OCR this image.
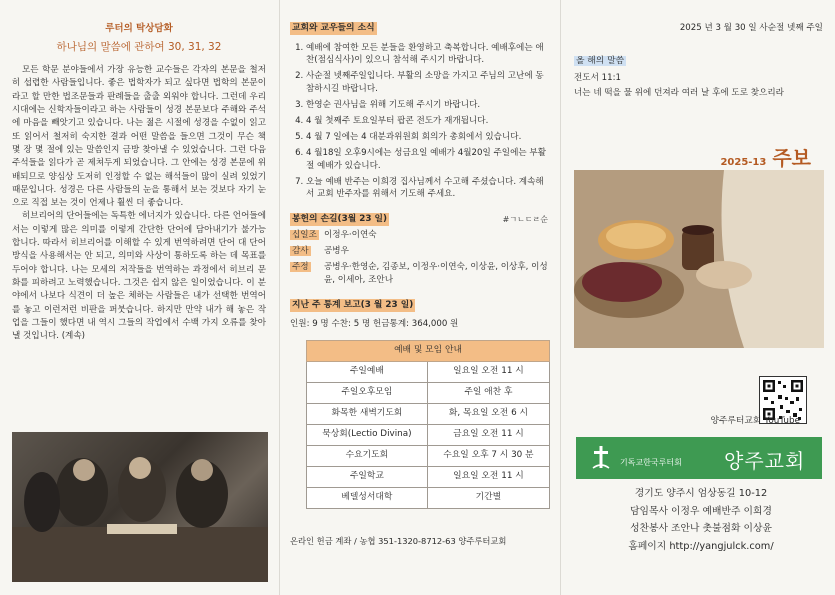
루터의 탁상담화
하나님의 말씀에 관하여 30, 31, 32

모든 학문 분야들에서 가장 유능한 교수들은 각자의 본문을 철저히 섭렵한 사람들입니다. 좋은 법학자가 되고 싶다면 법학의 본문이라고 할 만한 법조문들과 판례들을 출출 외워야 합니다. 그런데 우리 시대에는 신학자들이라고 하는 사람들이 성경 본문보다 주해와 주석에 마음을 빼앗기고 있습니다. 나는 젊은 시절에 성경을 수없이 읽고 또 읽어서 철저히 숙지한 결과 어떤 말씀을 들으면 그것이 무슨 책 몇 장 몇 절에 있는 말씀인지 금방 찾아낼 수 있었습니다. 그런 다음 주석들을 읽다가 곧 제쳐두게 되었습니다. 그 안에는 성경 본문에 위배되므로 양심상 도저히 인정할 수 없는 해석들이 많이 실려 있었기 때문입니다. 성경은 다른 사람들의 눈을 통해서 보는 것보다 자기 눈으로 직접 보는 것이 언제나 훨씬 더 좋습니다.

히브리어의 단어들에는 독특한 에너지가 있습니다. 다른 언어들에서는 이렇게 많은 의미를 이렇게 간단한 단어에 담아내기가 불가능합니다. 따라서 히브리어를 이해할 수 있게 번역하려면 단어 대 단어 방식을 사용해서는 안 되고, 의미와 사상이 통하도록 하는 데 목표를 두어야 합니다. 나는 모세의 저작들을 번역하는 과정에서 히브리 문화를 피하려고 노력했습니다. 그것은 쉽지 않은 일이었습니다. 이 분야에서 나보다 식견이 더 높은 체하는 사람들은 내가 선택한 번역어를 놓고 이런저런 비판을 퍼붓습니다. 하지만 만약 내가 해 놓은 작업을 그들이 했다면 내 역시 그들의 작업에서 수백 가지 오류를 찾아낼 것입니다. (계속)

교회와 교우들의 소식
1. 예배에 참여한 모든 분들을 환영하고 축복합니다. 예배후에는 애찬(점심식사)이 있으니 참석해 주시기 바랍니다.
2. 사순절 넷째주일입니다. 부활의 소망을 가지고 주님의 고난에 동참하시길 바랍니다.
3. 한영순 권사님을 위해 기도해 주시기 바랍니다.
4. 4 월 첫째주 토요일부터 팝콘 전도가 재개됩니다.
5. 4 월 7 일에는 4 대분과위원회 회의가 총회에서 있습니다.
6. 4 월18일 오후9시에는 성금요일 예배가 4월20일 주일에는 부활절 예배가 있습니다.
7. 오늘 예배 반주는 이희경 집사님께서 수고해 주셨습니다. 계속해서 교회 반주자를 위해서 기도해 주세요.
봉헌의 손길(3월 23 일)	#ㄱㄴㄷㄹ순
십일조 이정우·이연숙
감사	공병우
주정	공병우·한영순, 김종보, 이정우·이연숙, 이상윤, 이상후, 이성윤, 이세아, 조안나
지난 주 통계 보고(3 월 23 일)
인원: 9 명 수찬: 5 명 헌금통계: 364,000 원
예배 및 모임 안내	
주일예배	일요일 오전 11 시
주일오후모임	주일 애찬 후
화목한 새벽기도회	화, 목요일 오전 6 시
묵상회(Lectio Divina)	금요일 오전 11 시
수요기도회	수요일 오후 7 시 30 분
주일학교	일요일 오전 11 시
베델성서대학	기간별
온라인 헌금 계좌 / 농협 351-1320-8712-63 양주루터교회
2025 년 3 월 30 일 사순절 넷째 주일
올 해의 말씀
전도서 11:1
너는 네 떡을 물 위에 던져라 여러 날 후에 도로 찾으리라
2025-13 주보
양주루터교회 YouTube
기독교한국루터회 양주교회
경기도 양주시 엄상동길 10-12
담임목사 이정우 예배반주 이희경
성찬봉사 조안나 촛불점화 이상윤
홈페이지 http://yangjulck.com/
